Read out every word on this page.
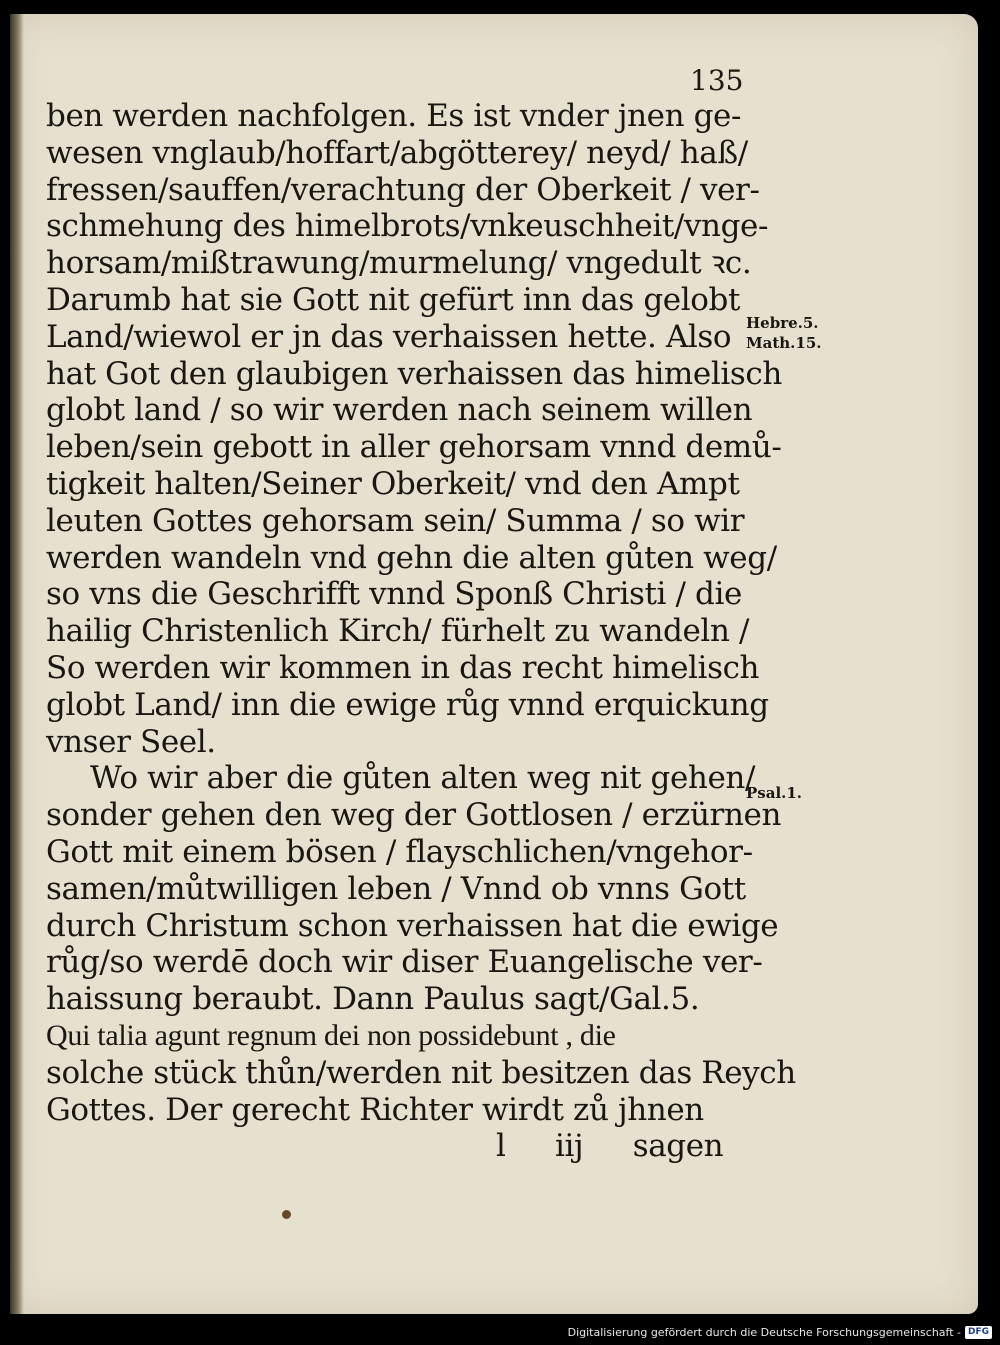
135
ben werden nachfolgen. Es ist vnder jnen ge-
wesen vnglaub/hoffart/abgötterey/ neyd/ haß/
fressen/sauffen/verachtung der Oberkeit / ver-
schmehung des himelbrots/vnkeuschheit/vnge-
horsam/mißtrawung/murmelung/ vngedult ꝛc.
Darumb hat sie Gott nit gefürt inn das gelobt
Land/wiewol er jn das verhaissen hette. Also
hat Got den glaubigen verhaissen das himelisch
globt land / so wir werden nach seinem willen
leben/sein gebott in aller gehorsam vnnd demů-
tigkeit halten/Seiner Oberkeit/ vnd den Ampt
leuten Gottes gehorsam sein/ Summa / so wir
werden wandeln vnd gehn die alten gůten weg/
so vns die Geschrifft vnnd Sponß Christi / die
hailig Christenlich Kirch/ fürhelt zu wandeln /
So werden wir kommen in das recht himelisch
globt Land/ inn die ewige růg vnnd erquickung
vnser Seel.
Wo wir aber die gůten alten weg nit gehen/
sonder gehen den weg der Gottlosen / erzürnen
Gott mit einem bösen / flayschlichen/vngehor-
samen/můtwilligen leben / Vnnd ob vnns Gott
durch Christum schon verhaissen hat die ewige
růg/so werdē doch wir diser Euangelische ver-
haissung beraubt. Dann Paulus sagt/Gal.5.
Qui talia agunt regnum dei non possidebunt , die
solche stück thůn/werden nit besitzen das Reych
Gottes. Der gerecht Richter wirdt zů jhnen
l iij sagen
Hebre.5.
Math.15.
Psal.1.
Digitalisierung gefördert durch die Deutsche Forschungsgemeinschaft - DFG
